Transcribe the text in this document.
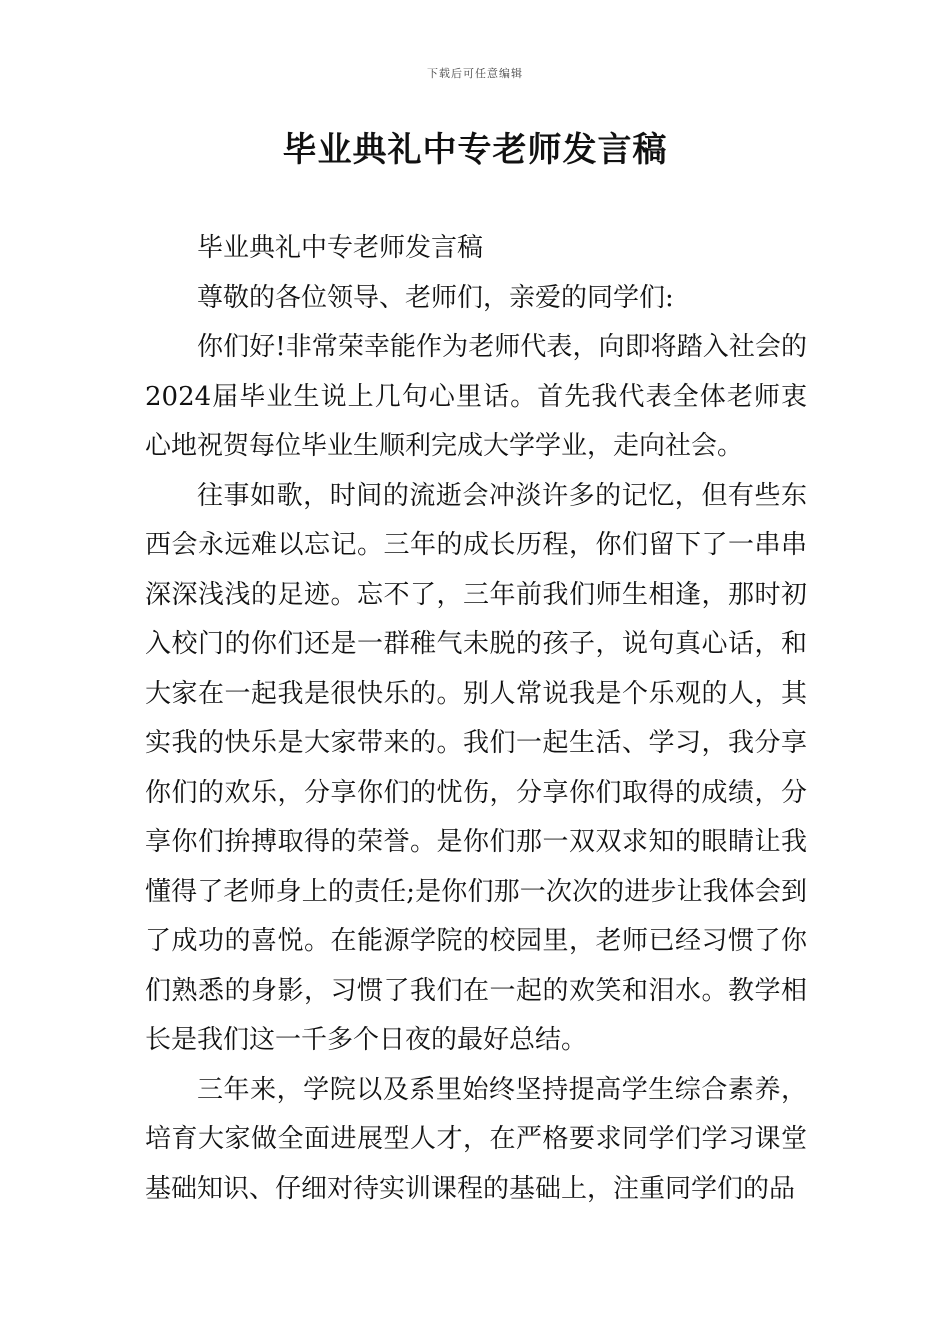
下载后可任意编辑
毕业典礼中专老师发言稿

毕业典礼中专老师发言稿

尊敬的各位领导、老师们，亲爱的同学们:

你们好!非常荣幸能作为老师代表，向即将踏入社会的2024届毕业生说上几句心里话。首先我代表全体老师衷心地祝贺每位毕业生顺利完成大学学业，走向社会。

往事如歌，时间的流逝会冲淡许多的记忆，但有些东西会永远难以忘记。三年的成长历程，你们留下了一串串深深浅浅的足迹。忘不了，三年前我们师生相逢，那时初入校门的你们还是一群稚气未脱的孩子，说句真心话，和大家在一起我是很快乐的。别人常说我是个乐观的人，其实我的快乐是大家带来的。我们一起生活、学习，我分享你们的欢乐，分享你们的忧伤，分享你们取得的成绩，分享你们拚搏取得的荣誉。是你们那一双双求知的眼睛让我懂得了老师身上的责任;是你们那一次次的进步让我体会到了成功的喜悦。在能源学院的校园里，老师已经习惯了你们熟悉的身影，习惯了我们在一起的欢笑和泪水。教学相长是我们这一千多个日夜的最好总结。

三年来，学院以及系里始终坚持提高学生综合素养，培育大家做全面进展型人才，在严格要求同学们学习课堂基础知识、仔细对待实训课程的基础上，注重同学们的品
